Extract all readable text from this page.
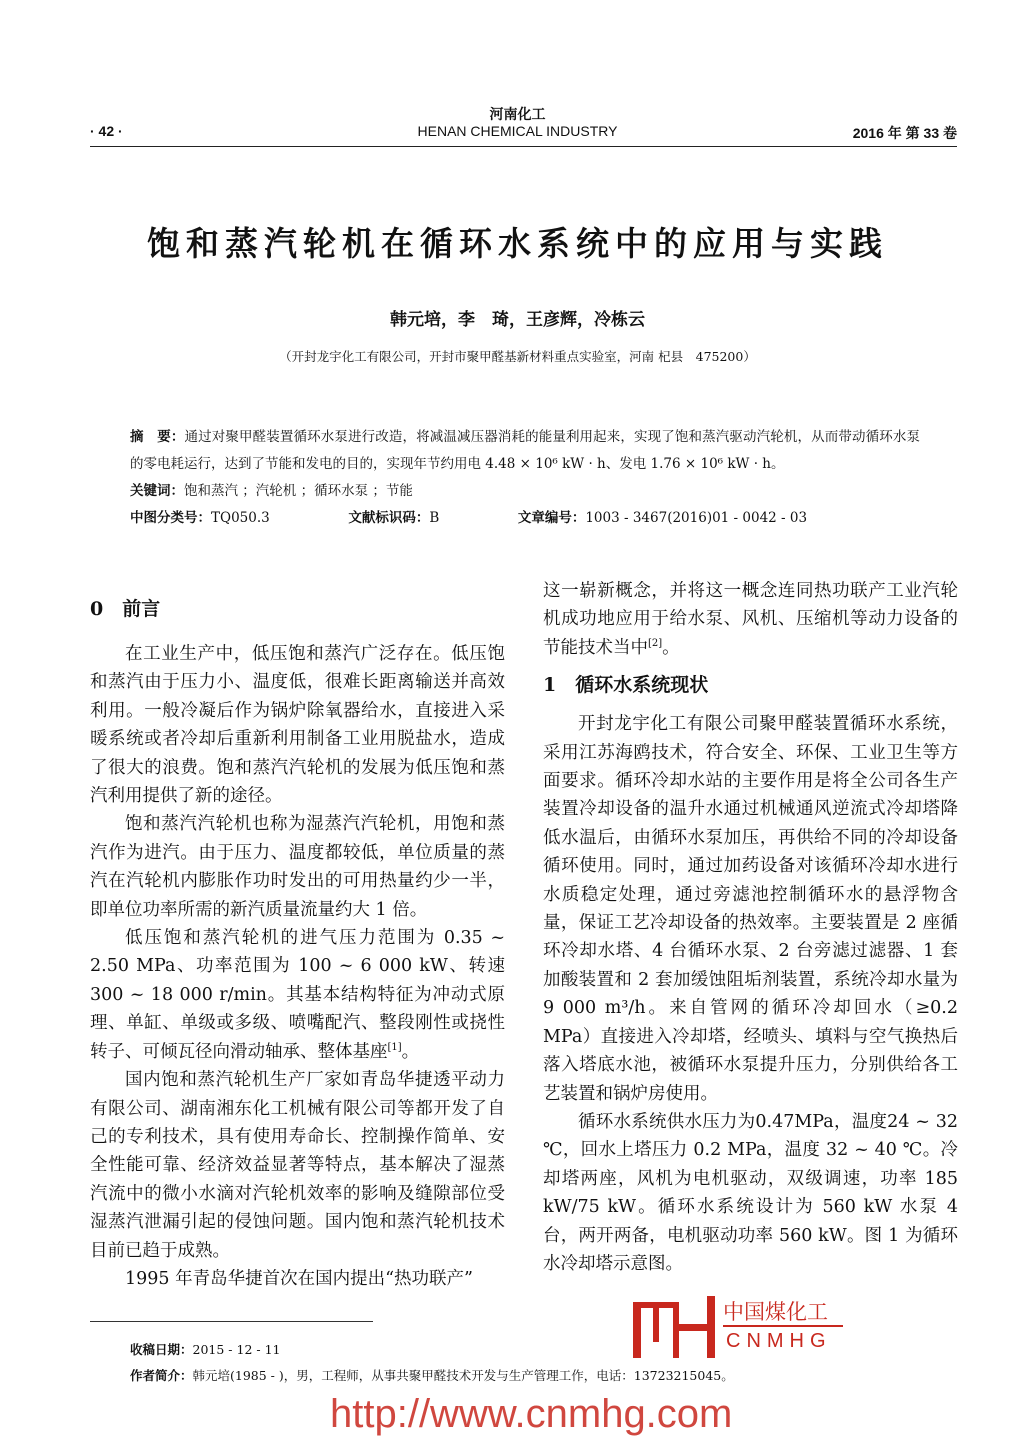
· 42 ·
河南化工
HENAN CHEMICAL INDUSTRY	2016 年 第 33 卷
饱和蒸汽轮机在循环水系统中的应用与实践
韩元培，李　琦，王彦辉，冷栋云
（开封龙宇化工有限公司，开封市聚甲醛基新材料重点实验室，河南 杞县　475200）
摘　要：通过对聚甲醛装置循环水泵进行改造，将减温减压器消耗的能量利用起来，实现了饱和蒸汽驱动汽轮机，从而带动循环水泵的零电耗运行，达到了节能和发电的目的，实现年节约用电 4.48 × 10⁶ kW · h、发电 1.76 × 10⁶ kW · h。
关键词：饱和蒸汽 ；汽轮机 ；循环水泵 ；节能
中图分类号：TQ050.3	文献标识码：B	文章编号：1003 - 3467(2016)01 - 0042 - 03
0　前言

在工业生产中，低压饱和蒸汽广泛存在。低压饱和蒸汽由于压力小、温度低，很难长距离输送并高效利用。一般冷凝后作为锅炉除氧器给水，直接进入采暖系统或者冷却后重新利用制备工业用脱盐水，造成了很大的浪费。饱和蒸汽汽轮机的发展为低压饱和蒸汽利用提供了新的途径。

饱和蒸汽汽轮机也称为湿蒸汽汽轮机，用饱和蒸汽作为进汽。由于压力、温度都较低，单位质量的蒸汽在汽轮机内膨胀作功时发出的可用热量约少一半，即单位功率所需的新汽质量流量约大 1 倍。

低压饱和蒸汽轮机的进气压力范围为 0.35 ~ 2.50 MPa、功率范围为 100 ~ 6 000 kW、转速 300 ~ 18 000 r/min。其基本结构特征为冲动式原理、单缸、单级或多级、喷嘴配汽、整段刚性或挠性转子、可倾瓦径向滑动轴承、整体基座[1]。

国内饱和蒸汽轮机生产厂家如青岛华捷透平动力有限公司、湖南湘东化工机械有限公司等都开发了自己的专利技术，具有使用寿命长、控制操作简单、安全性能可靠、经济效益显著等特点，基本解决了湿蒸汽流中的微小水滴对汽轮机效率的影响及缝隙部位受湿蒸汽泄漏引起的侵蚀问题。国内饱和蒸汽轮机技术目前已趋于成熟。

1995 年青岛华捷首次在国内提出“热功联产”

这一崭新概念，并将这一概念连同热功联产工业汽轮机成功地应用于给水泵、风机、压缩机等动力设备的节能技术当中[2]。

1　循环水系统现状

开封龙宇化工有限公司聚甲醛装置循环水系统，采用江苏海鸥技术，符合安全、环保、工业卫生等方面要求。循环冷却水站的主要作用是将全公司各生产装置冷却设备的温升水通过机械通风逆流式冷却塔降低水温后，由循环水泵加压，再供给不同的冷却设备循环使用。同时，通过加药设备对该循环冷却水进行水质稳定处理，通过旁滤池控制循环水的悬浮物含量，保证工艺冷却设备的热效率。主要装置是 2 座循环冷却水塔、4 台循环水泵、2 台旁滤过滤器、1 套加酸装置和 2 套加缓蚀阻垢剂装置，系统冷却水量为 9 000 m³/h。来自管网的循环冷却回水（≥0.2 MPa）直接进入冷却塔，经喷头、填料与空气换热后落入塔底水池，被循环水泵提升压力，分别供给各工艺装置和锅炉房使用。

循环水系统供水压力为0.47MPa，温度24 ~ 32 ℃，回水上塔压力 0.2 MPa，温度 32 ~ 40 ℃。冷却塔两座，风机为电机驱动，双级调速，功率 185 kW/75 kW。循环水系统设计为 560 kW 水泵 4 台，两开两备，电机驱动功率 560 kW。图 1 为循环水冷却塔示意图。

收稿日期：2015 - 12 - 11
作者简介：韩元培(1985 - )，男，工程师，从事共聚甲醛技术开发与生产管理工作，电话：13723215045。
http://www.cnmhg.com
中国煤化工
CNMHG
